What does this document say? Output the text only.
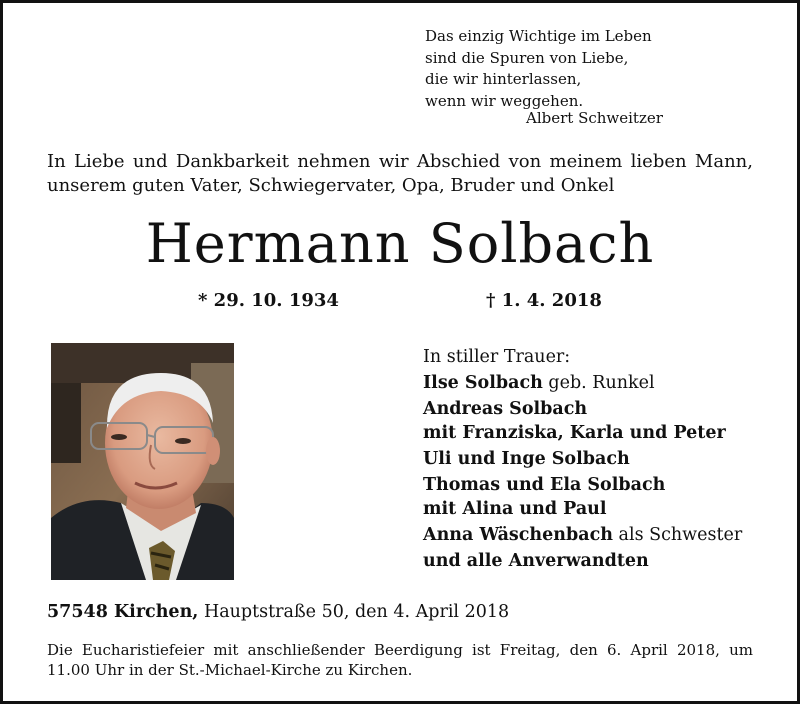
Das einzig Wichtige im Leben
sind die Spuren von Liebe,
die wir hinterlassen,
wenn wir weggehen.
Albert Schweitzer
In Liebe und Dankbarkeit nehmen wir Abschied von meinem lieben Mann,
unserem guten Vater, Schwiegervater, Opa, Bruder und Onkel
Hermann Solbach
* 29. 10. 1934	† 1. 4. 2018
In stiller Trauer:
Ilse Solbach geb. Runkel
Andreas Solbach
mit Franziska, Karla und Peter
Uli und Inge Solbach
Thomas und Ela Solbach
mit Alina und Paul
Anna Wäschenbach als Schwester
und alle Anverwandten
57548 Kirchen, Hauptstraße 50, den 4. April 2018
Die Eucharistiefeier mit anschließender Beerdigung ist Freitag, den 6. April 2018, um
11.00 Uhr in der St.-Michael-Kirche zu Kirchen.
